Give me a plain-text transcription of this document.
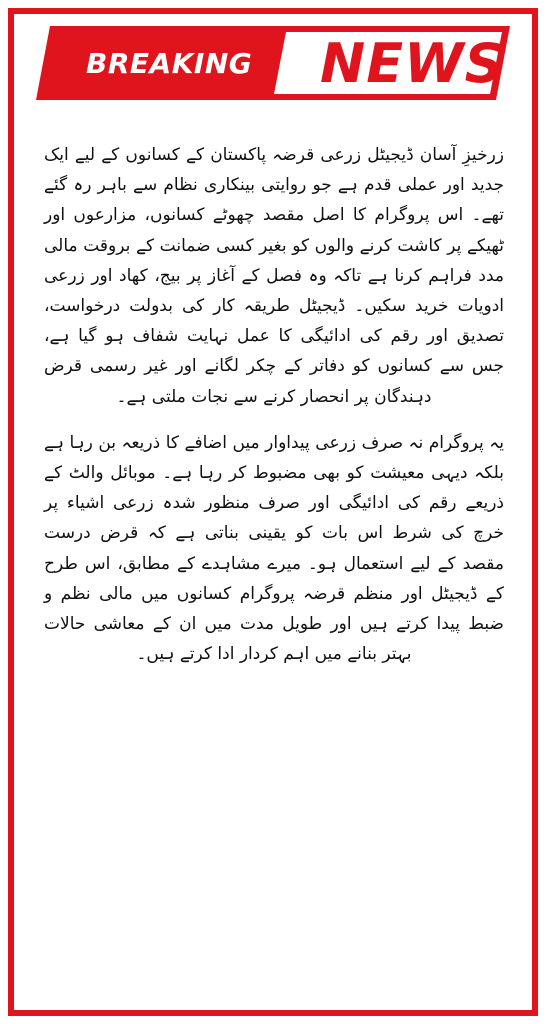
BREAKING NEWS

زرخیزِ آسان ڈیجیٹل زرعی قرضہ پاکستان کے کسانوں کے لیے ایک جدید اور عملی قدم ہے جو روایتی بینکاری نظام سے باہر رہ گئے تھے۔ اس پروگرام کا اصل مقصد چھوٹے کسانوں، مزارعوں اور ٹھیکے پر کاشت کرنے والوں کو بغیر کسی ضمانت کے بروقت مالی مدد فراہم کرنا ہے تاکہ وہ فصل کے آغاز پر بیج، کھاد اور زرعی ادویات خرید سکیں۔ ڈیجیٹل طریقہ کار کی بدولت درخواست، تصدیق اور رقم کی ادائیگی کا عمل نہایت شفاف ہو گیا ہے، جس سے کسانوں کو دفاتر کے چکر لگانے اور غیر رسمی قرض دہندگان پر انحصار کرنے سے نجات ملتی ہے۔

یہ پروگرام نہ صرف زرعی پیداوار میں اضافے کا ذریعہ بن رہا ہے بلکہ دیہی معیشت کو بھی مضبوط کر رہا ہے۔ موبائل والٹ کے ذریعے رقم کی ادائیگی اور صرف منظور شدہ زرعی اشیاء پر خرچ کی شرط اس بات کو یقینی بناتی ہے کہ قرض درست مقصد کے لیے استعمال ہو۔ میرے مشاہدے کے مطابق، اس طرح کے ڈیجیٹل اور منظم قرضہ پروگرام کسانوں میں مالی نظم و ضبط پیدا کرتے ہیں اور طویل مدت میں ان کے معاشی حالات بہتر بنانے میں اہم کردار ادا کرتے ہیں۔
